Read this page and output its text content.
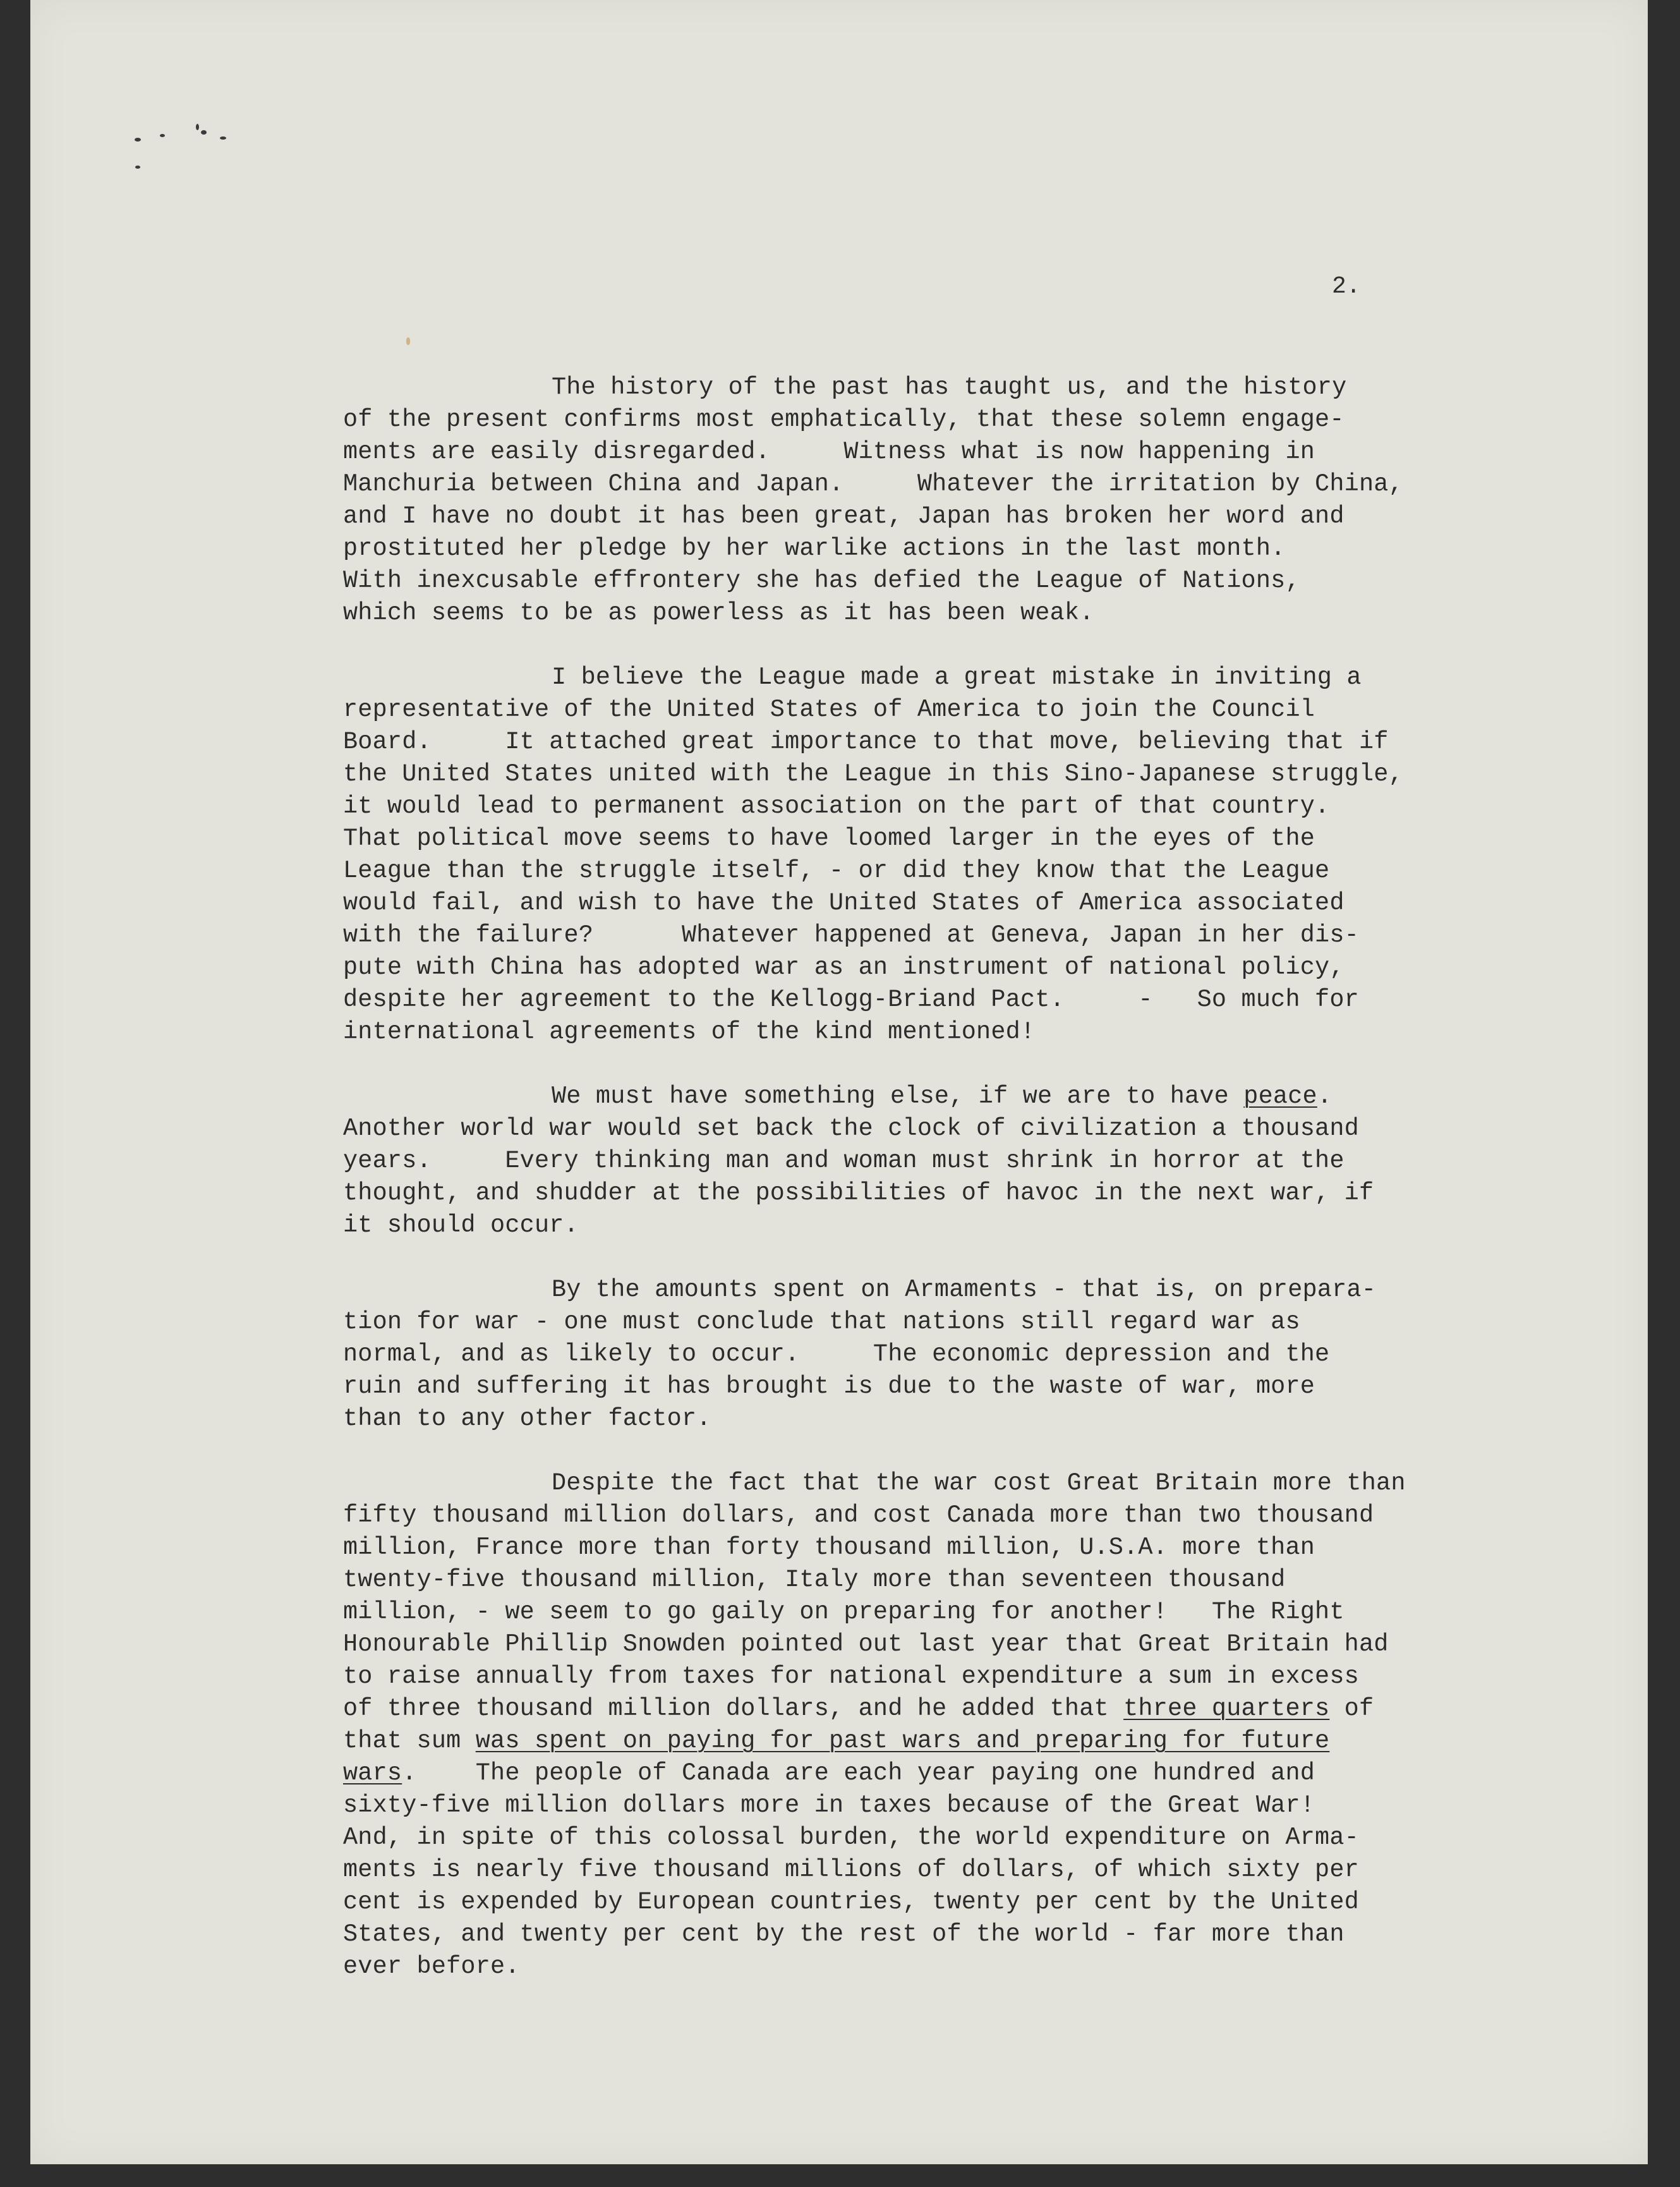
2.
The history of the past has taught us, and the history
of the present confirms most emphatically, that these solemn engage-
ments are easily disregarded.     Witness what is now happening in
Manchuria between China and Japan.     Whatever the irritation by China,
and I have no doubt it has been great, Japan has broken her word and
prostituted her pledge by her warlike actions in the last month.
With inexcusable effrontery she has defied the League of Nations,
which seems to be as powerless as it has been weak.
I believe the League made a great mistake in inviting a
representative of the United States of America to join the Council
Board.     It attached great importance to that move, believing that if
the United States united with the League in this Sino-Japanese struggle,
it would lead to permanent association on the part of that country.
That political move seems to have loomed larger in the eyes of the
League than the struggle itself, - or did they know that the League
would fail, and wish to have the United States of America associated
with the failure?      Whatever happened at Geneva, Japan in her dis-
pute with China has adopted war as an instrument of national policy,
despite her agreement to the Kellogg-Briand Pact.     -   So much for
international agreements of the kind mentioned!
We must have something else, if we are to have peace.
Another world war would set back the clock of civilization a thousand
years.     Every thinking man and woman must shrink in horror at the
thought, and shudder at the possibilities of havoc in the next war, if
it should occur.
By the amounts spent on Armaments - that is, on prepara-
tion for war - one must conclude that nations still regard war as
normal, and as likely to occur.     The economic depression and the
ruin and suffering it has brought is due to the waste of war, more
than to any other factor.
Despite the fact that the war cost Great Britain more than
fifty thousand million dollars, and cost Canada more than two thousand
million, France more than forty thousand million, U.S.A. more than
twenty-five thousand million, Italy more than seventeen thousand
million, - we seem to go gaily on preparing for another!   The Right
Honourable Phillip Snowden pointed out last year that Great Britain had
to raise annually from taxes for national expenditure a sum in excess
of three thousand million dollars, and he added that three quarters of
that sum was spent on paying for past wars and preparing for future
wars.    The people of Canada are each year paying one hundred and
sixty-five million dollars more in taxes because of the Great War!
And, in spite of this colossal burden, the world expenditure on Arma-
ments is nearly five thousand millions of dollars, of which sixty per
cent is expended by European countries, twenty per cent by the United
States, and twenty per cent by the rest of the world - far more than
ever before.
